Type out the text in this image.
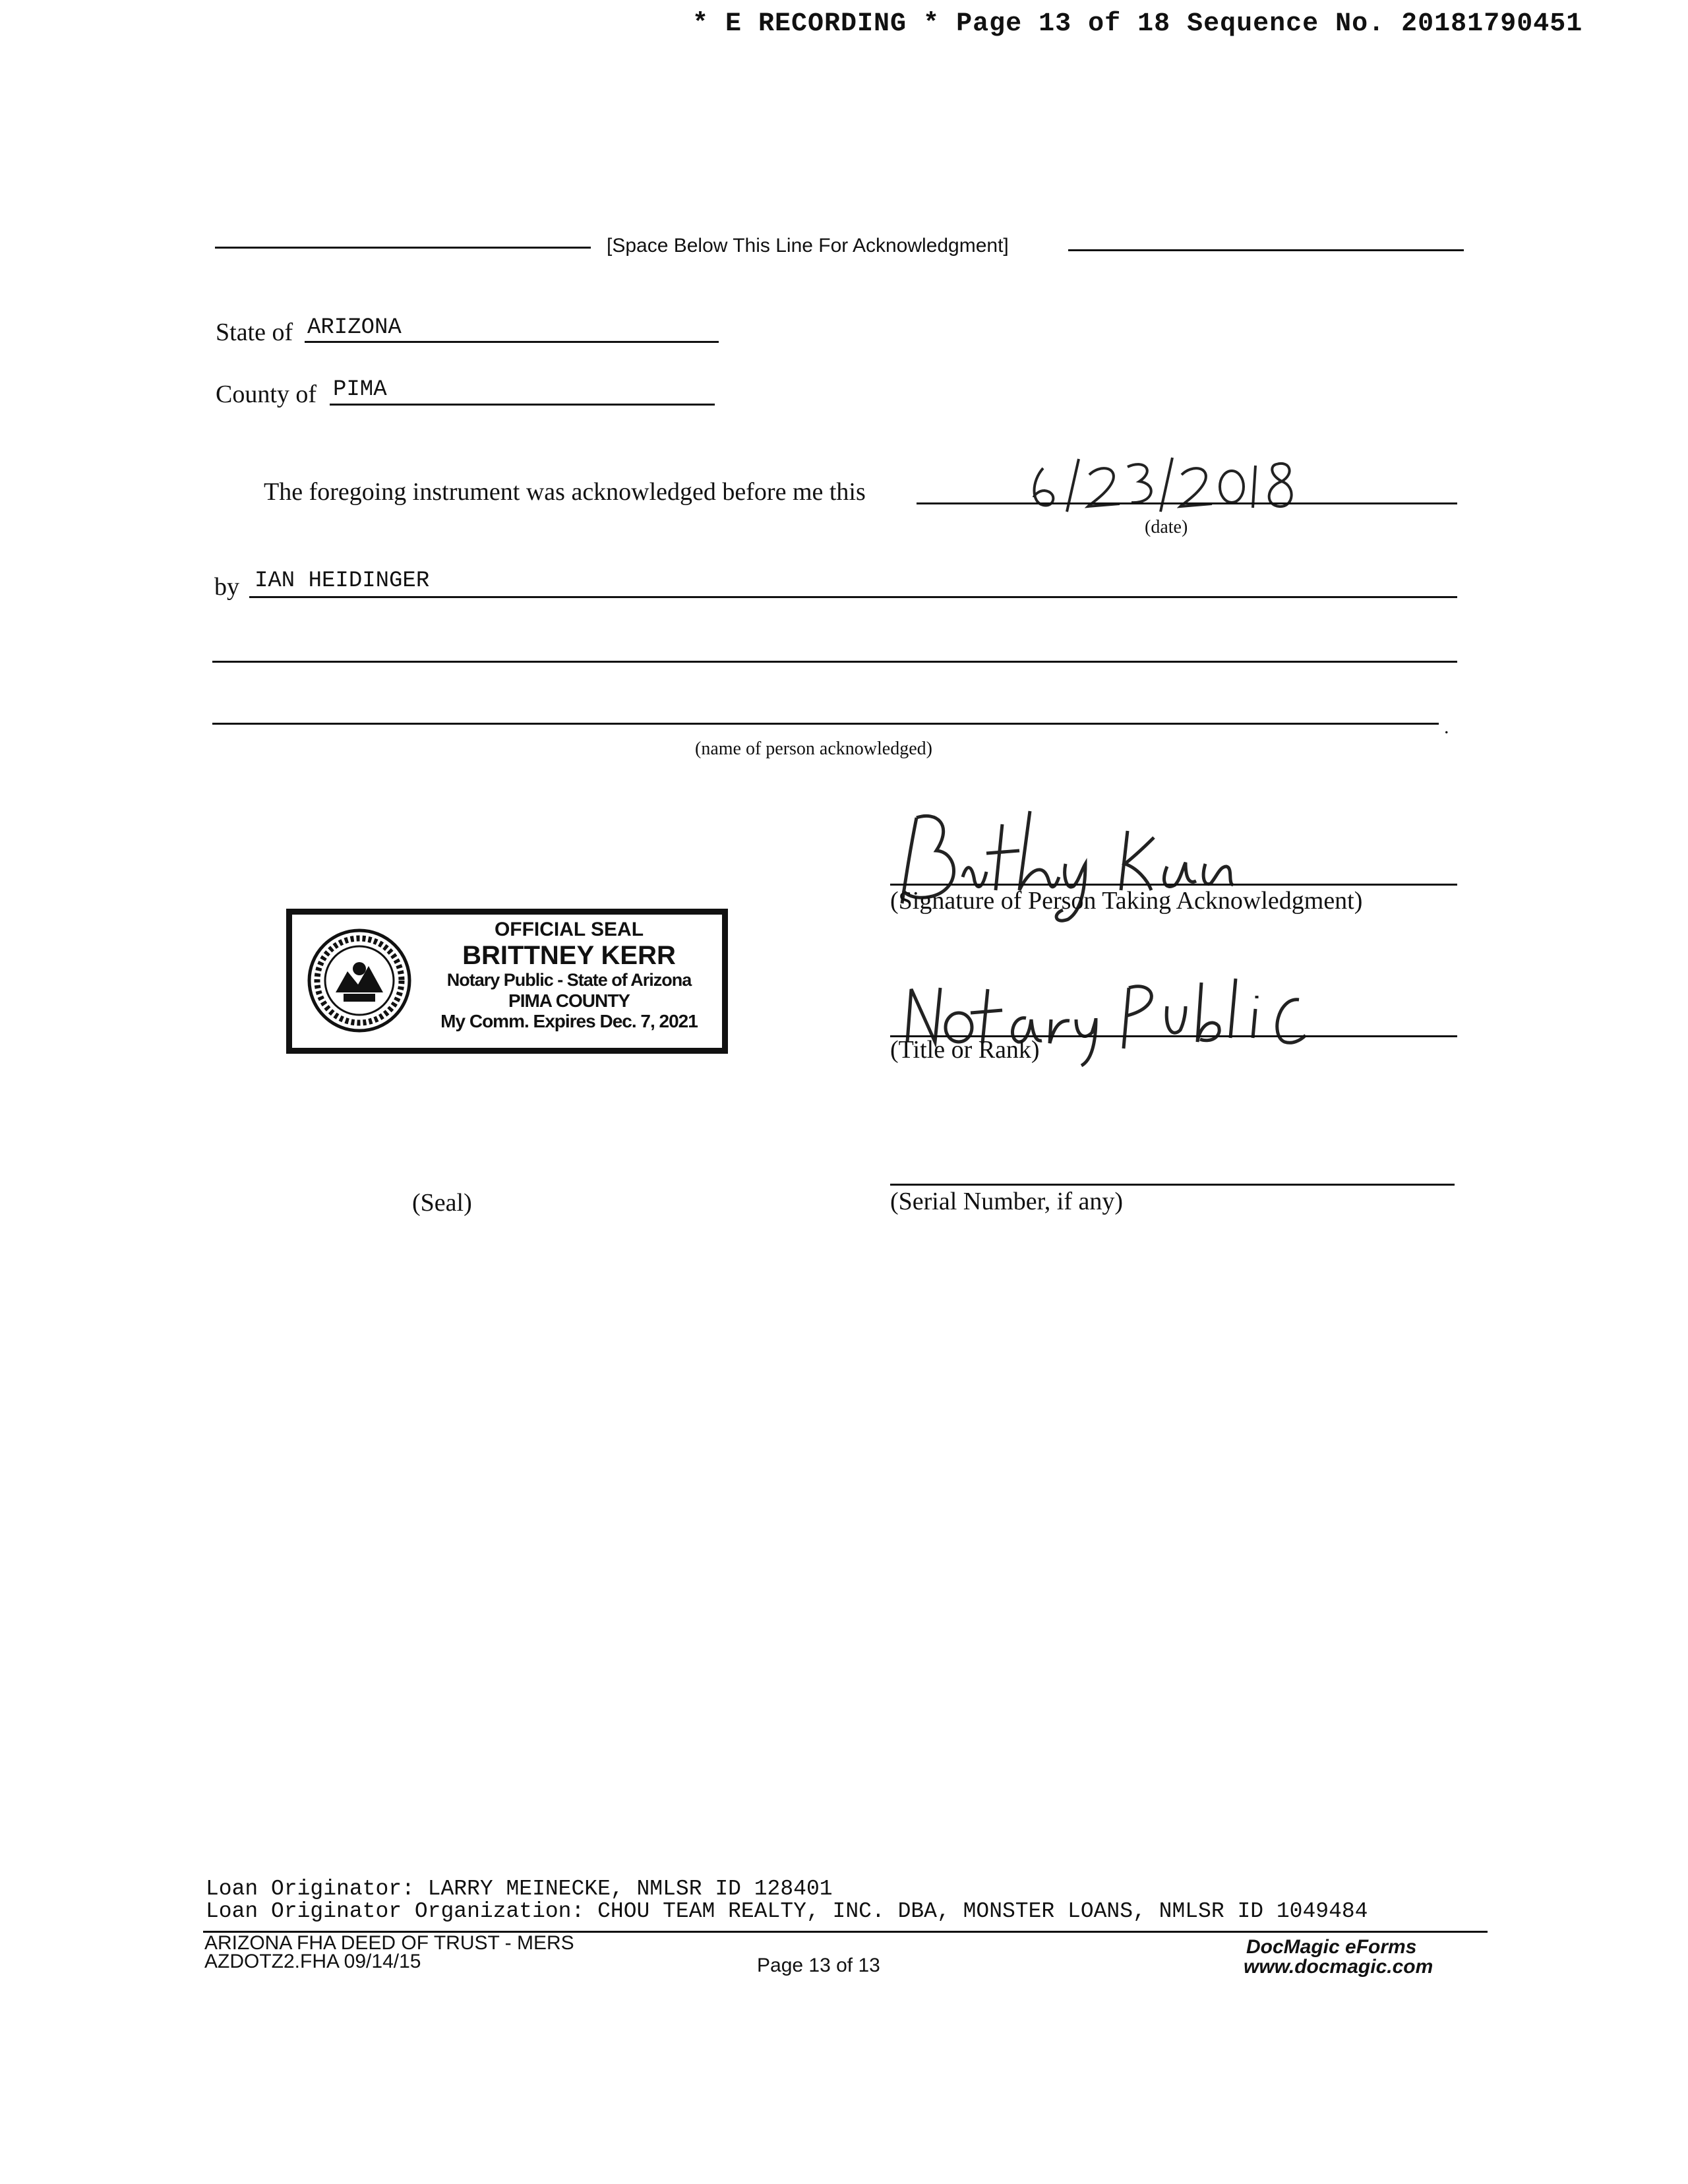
* E RECORDING * Page 13 of 18 Sequence No. 20181790451
[Space Below This Line For Acknowledgment]
State of ARIZONA
County of PIMA
The foregoing instrument was acknowledged before me this
(date)
by IAN HEIDINGER
.
(name of person acknowledged)
(Signature of Person Taking Acknowledgment)
(Title or Rank)
OFFICIAL SEAL
BRITTNEY KERR
Notary Public - State of Arizona
PIMA COUNTY
My Comm. Expires Dec. 7, 2021
(Seal)	(Serial Number, if any)
Loan Originator: LARRY MEINECKE, NMLSR ID 128401
Loan Originator Organization: CHOU TEAM REALTY, INC. DBA, MONSTER LOANS, NMLSR ID 1049484
ARIZONA FHA DEED OF TRUST - MERS
AZDOTZ2.FHA 09/14/15	Page 13 of 13
DocMagic eForms
www.docmagic.com
